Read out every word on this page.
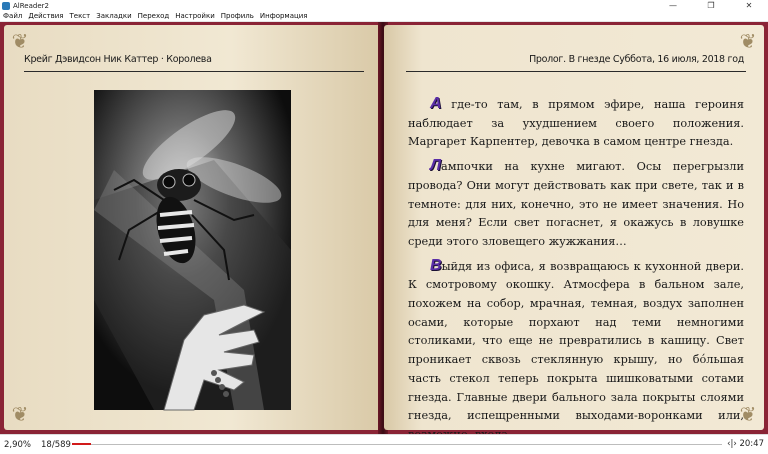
AlReader2	—	❐	✕
Файл Действия Текст Закладки Переход Настройки Профиль Информация
❦
❦
Крейг Дэвидсон Ник Каттер · Королева
❦
❦
Пролог. В гнезде Суббота, 16 июля, 2018 год

А где-то там, в прямом эфире, наша героиня наблюдает за ухудшением своего положения. Маргарет Карпентер, девочка в самом центре гнезда.

Лампочки на кухне мигают. Осы перегрызли провода? Они могут действовать как при свете, так и в темноте: для них, конечно, это не имеет значения. Но для меня? Если свет погаснет, я окажусь в ловушке среди этого зловещего жужжания…

Выйдя из офиса, я возвращаюсь к кухонной двери. К смотровому окошку. Атмосфера в бальном зале, похожем на собор, мрачная, темная, воздух заполнен осами, которые порхают над теми немногими столиками, что еще не превратились в кашицу. Свет проникает сквозь стеклянную крышу, но бóльшая часть стекол теперь покрыта шишковатыми сотами гнезда. Главные двери бального зала покрыты слоями гнезда, испещренными выходами-воронками или,

2,90% 18/589	‹|› 20:47
